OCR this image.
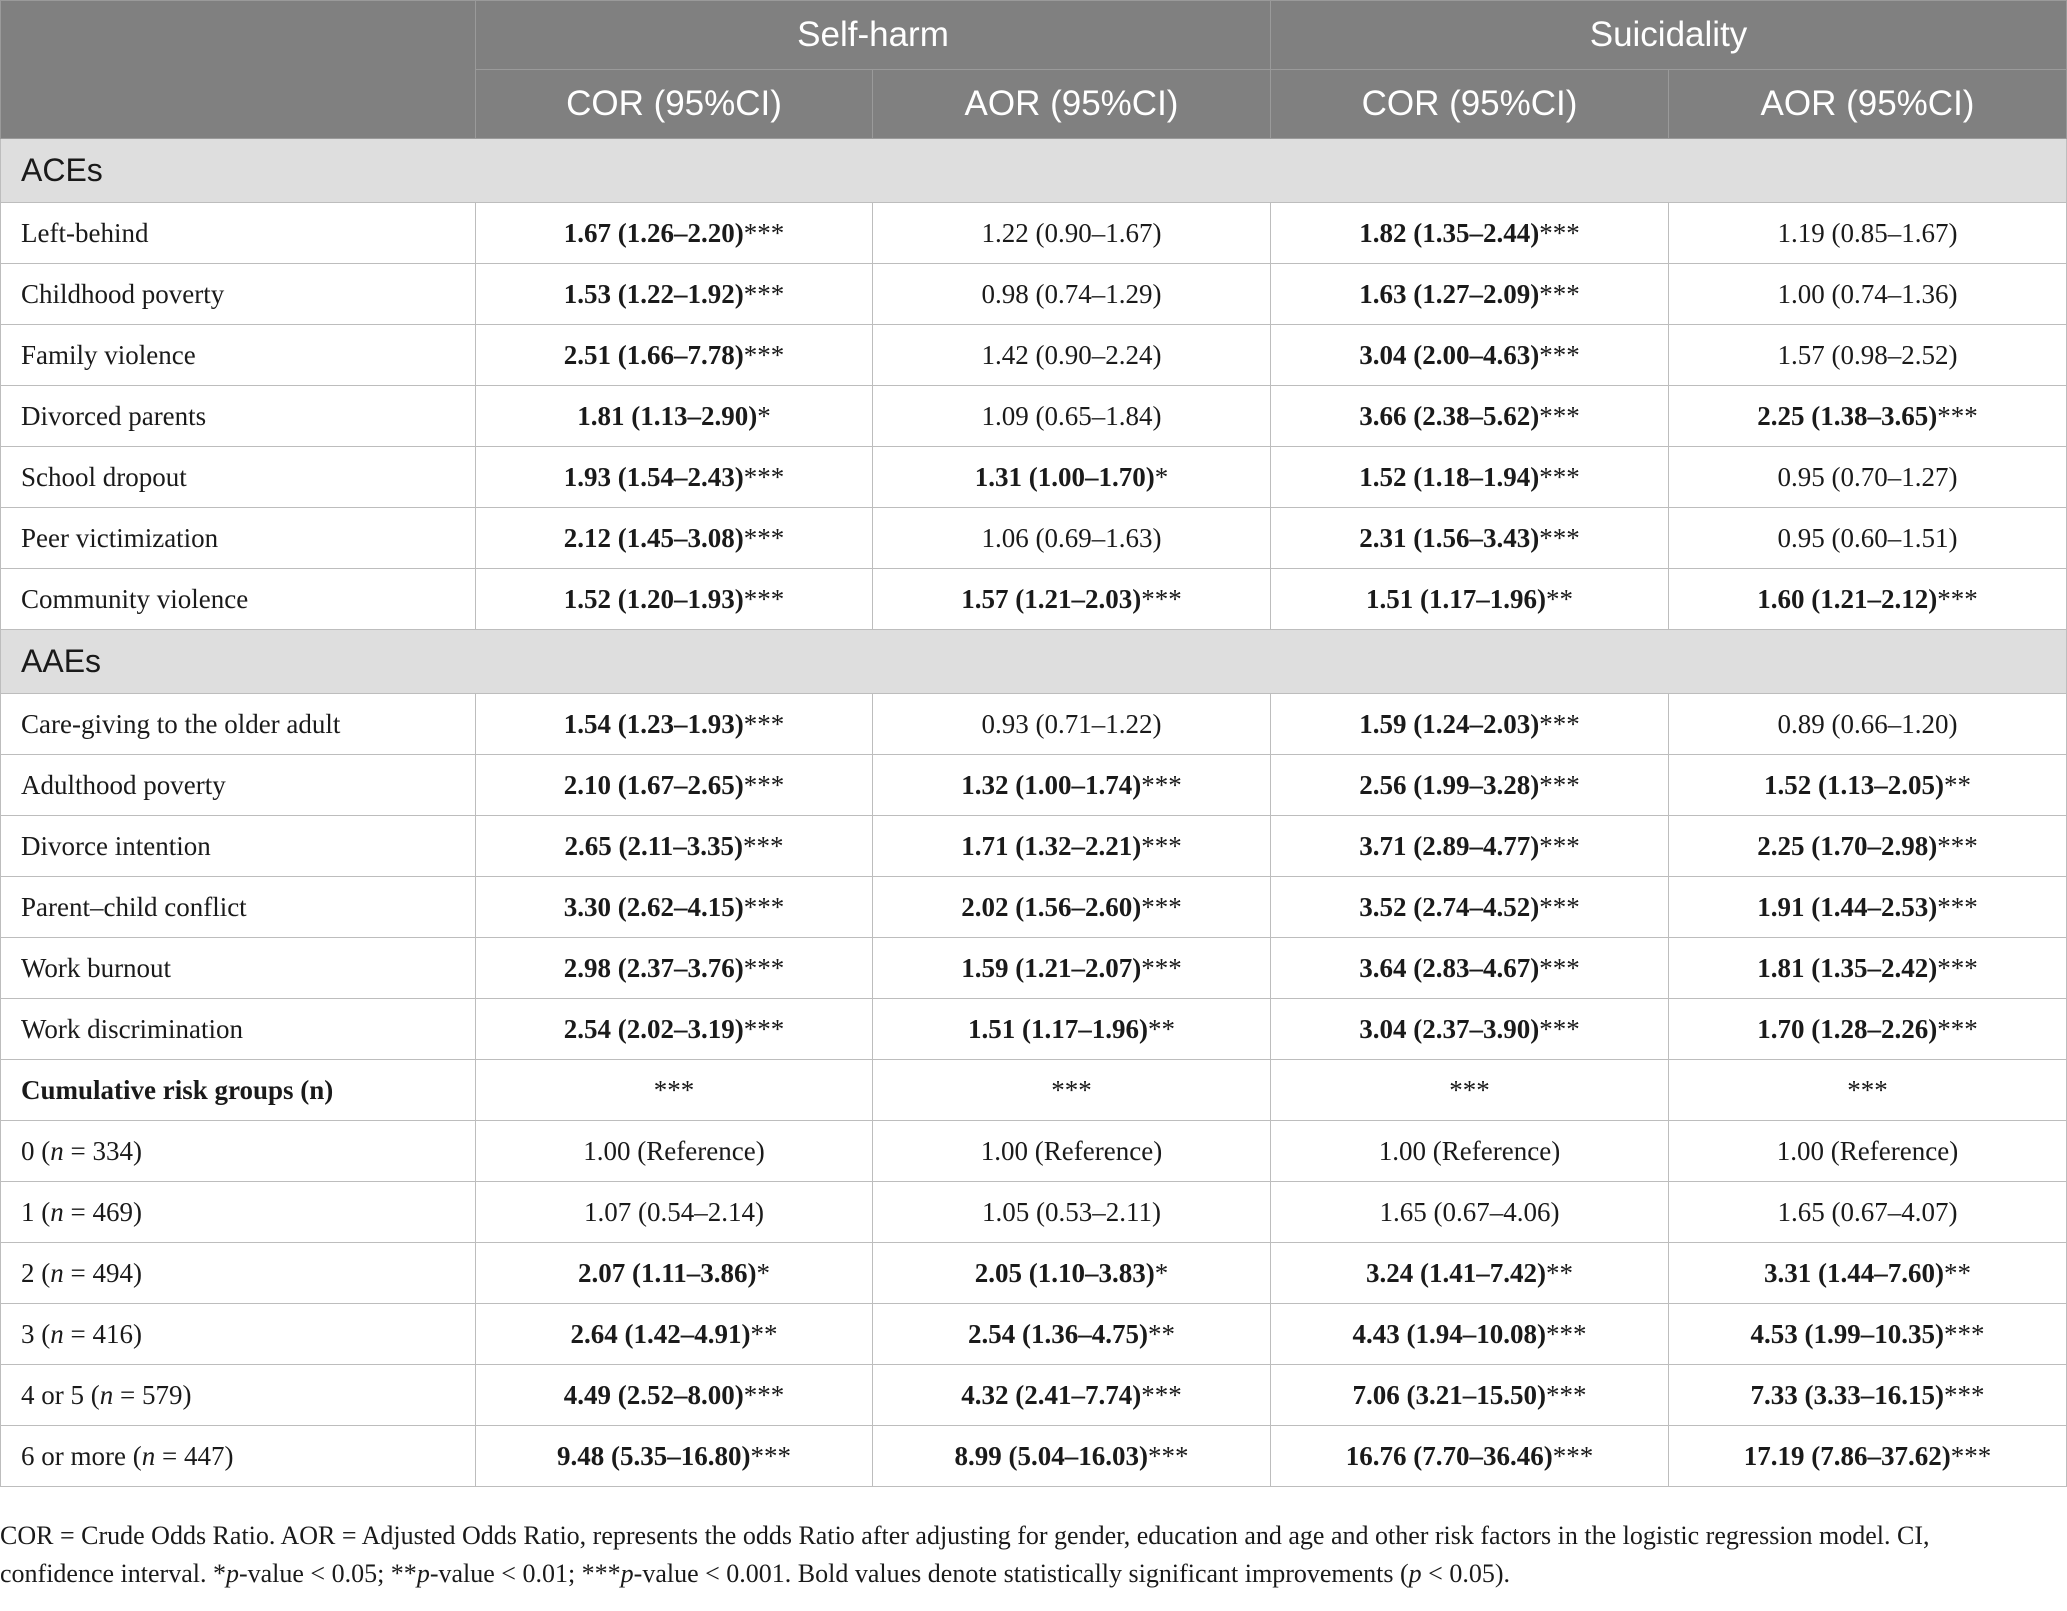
	Self-harm		Suicidality	
	COR (95%CI)	AOR (95%CI)	COR (95%CI)	AOR (95%CI)
ACEs				
Left-behind	1.67 (1.26–2.20)***	1.22 (0.90–1.67)	1.82 (1.35–2.44)***	1.19 (0.85–1.67)
Childhood poverty	1.53 (1.22–1.92)***	0.98 (0.74–1.29)	1.63 (1.27–2.09)***	1.00 (0.74–1.36)
Family violence	2.51 (1.66–7.78)***	1.42 (0.90–2.24)	3.04 (2.00–4.63)***	1.57 (0.98–2.52)
Divorced parents	1.81 (1.13–2.90)*	1.09 (0.65–1.84)	3.66 (2.38–5.62)***	2.25 (1.38–3.65)***
School dropout	1.93 (1.54–2.43)***	1.31 (1.00–1.70)*	1.52 (1.18–1.94)***	0.95 (0.70–1.27)
Peer victimization	2.12 (1.45–3.08)***	1.06 (0.69–1.63)	2.31 (1.56–3.43)***	0.95 (0.60–1.51)
Community violence	1.52 (1.20–1.93)***	1.57 (1.21–2.03)***	1.51 (1.17–1.96)**	1.60 (1.21–2.12)***
AAEs				
Care-giving to the older adult	1.54 (1.23–1.93)***	0.93 (0.71–1.22)	1.59 (1.24–2.03)***	0.89 (0.66–1.20)
Adulthood poverty	2.10 (1.67–2.65)***	1.32 (1.00–1.74)***	2.56 (1.99–3.28)***	1.52 (1.13–2.05)**
Divorce intention	2.65 (2.11–3.35)***	1.71 (1.32–2.21)***	3.71 (2.89–4.77)***	2.25 (1.70–2.98)***
Parent–child conflict	3.30 (2.62–4.15)***	2.02 (1.56–2.60)***	3.52 (2.74–4.52)***	1.91 (1.44–2.53)***
Work burnout	2.98 (2.37–3.76)***	1.59 (1.21–2.07)***	3.64 (2.83–4.67)***	1.81 (1.35–2.42)***
Work discrimination	2.54 (2.02–3.19)***	1.51 (1.17–1.96)**	3.04 (2.37–3.90)***	1.70 (1.28–2.26)***
Cumulative risk groups (n)	***	***	***	***
0 (n = 334)	1.00 (Reference)	1.00 (Reference)	1.00 (Reference)	1.00 (Reference)
1 (n = 469)	1.07 (0.54–2.14)	1.05 (0.53–2.11)	1.65 (0.67–4.06)	1.65 (0.67–4.07)
2 (n = 494)	2.07 (1.11–3.86)*	2.05 (1.10–3.83)*	3.24 (1.41–7.42)**	3.31 (1.44–7.60)**
3 (n = 416)	2.64 (1.42–4.91)**	2.54 (1.36–4.75)**	4.43 (1.94–10.08)***	4.53 (1.99–10.35)***
4 or 5 (n = 579)	4.49 (2.52–8.00)***	4.32 (2.41–7.74)***	7.06 (3.21–15.50)***	7.33 (3.33–16.15)***
6 or more (n = 447)	9.48 (5.35–16.80)***	8.99 (5.04–16.03)***	16.76 (7.70–36.46)***	17.19 (7.86–37.62)***
COR = Crude Odds Ratio. AOR = Adjusted Odds Ratio, represents the odds Ratio after adjusting for gender, education and age and other risk factors in the logistic regression model. CI,
confidence interval. *p-value < 0.05; **p-value < 0.01; ***p-value < 0.001. Bold values denote statistically significant improvements (p < 0.05).
